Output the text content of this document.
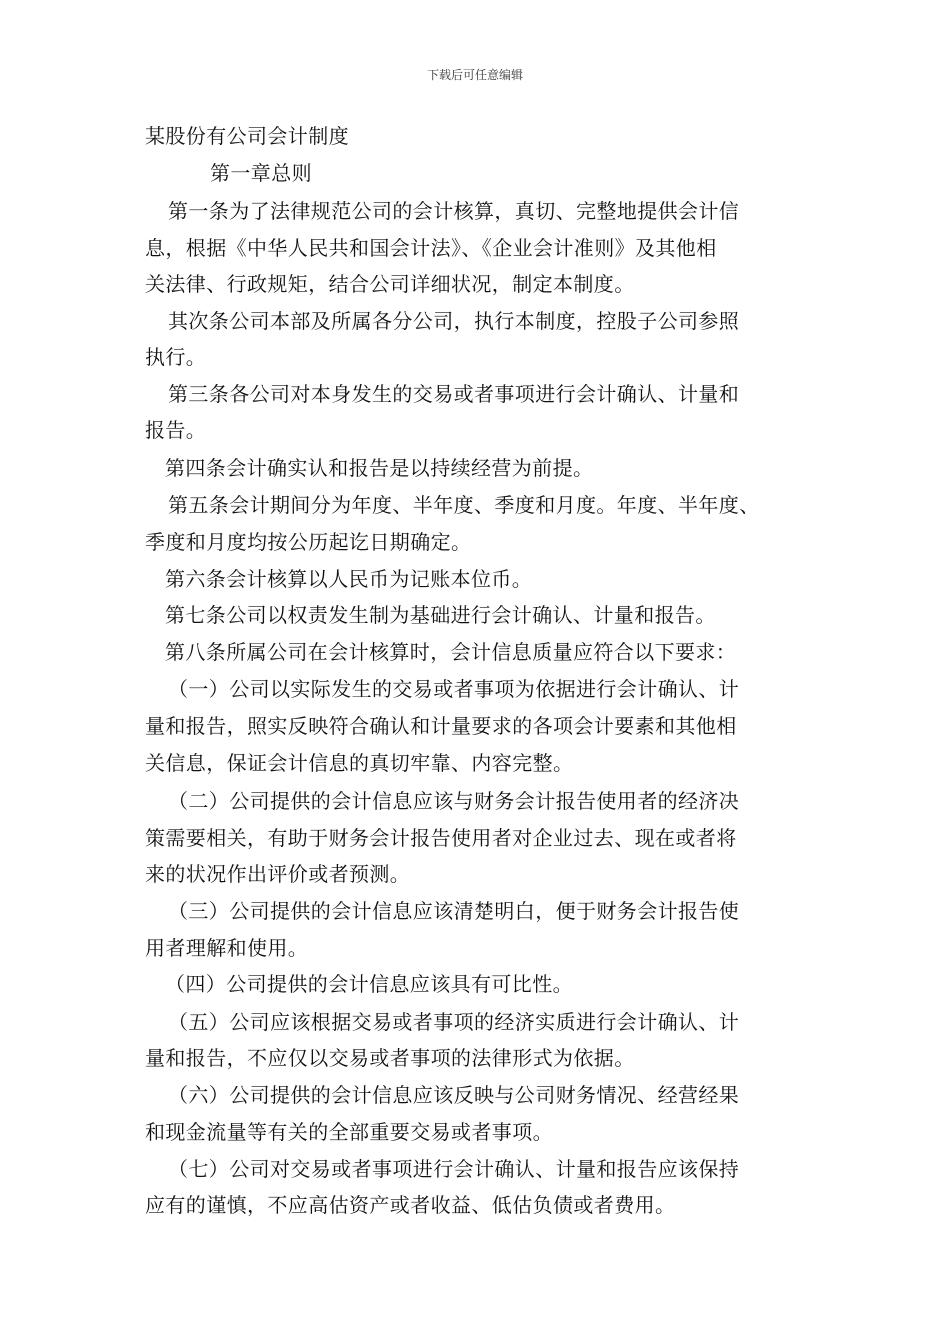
下载后可任意编辑
某股份有公司会计制度
第一章总则
第一条为了法律规范公司的会计核算，真切、完整地提供会计信
息，根据《中华人民共和国会计法》、《企业会计准则》及其他相
关法律、行政规矩，结合公司详细状况，制定本制度。
其次条公司本部及所属各分公司，执行本制度，控股子公司参照
执行。
第三条各公司对本身发生的交易或者事项进行会计确认、计量和
报告。
第四条会计确实认和报告是以持续经营为前提。
第五条会计期间分为年度、半年度、季度和月度。年度、半年度、
季度和月度均按公历起讫日期确定。
第六条会计核算以人民币为记账本位币。
第七条公司以权责发生制为基础进行会计确认、计量和报告。
第八条所属公司在会计核算时，会计信息质量应符合以下要求：
（一）公司以实际发生的交易或者事项为依据进行会计确认、计
量和报告，照实反映符合确认和计量要求的各项会计要素和其他相
关信息，保证会计信息的真切牢靠、内容完整。
（二）公司提供的会计信息应该与财务会计报告使用者的经济决
策需要相关，有助于财务会计报告使用者对企业过去、现在或者将
来的状况作出评价或者预测。
（三）公司提供的会计信息应该清楚明白，便于财务会计报告使
用者理解和使用。
（四）公司提供的会计信息应该具有可比性。
（五）公司应该根据交易或者事项的经济实质进行会计确认、计
量和报告，不应仅以交易或者事项的法律形式为依据。
（六）公司提供的会计信息应该反映与公司财务情况、经营经果
和现金流量等有关的全部重要交易或者事项。
（七）公司对交易或者事项进行会计确认、计量和报告应该保持
应有的谨慎，不应高估资产或者收益、低估负债或者费用。
